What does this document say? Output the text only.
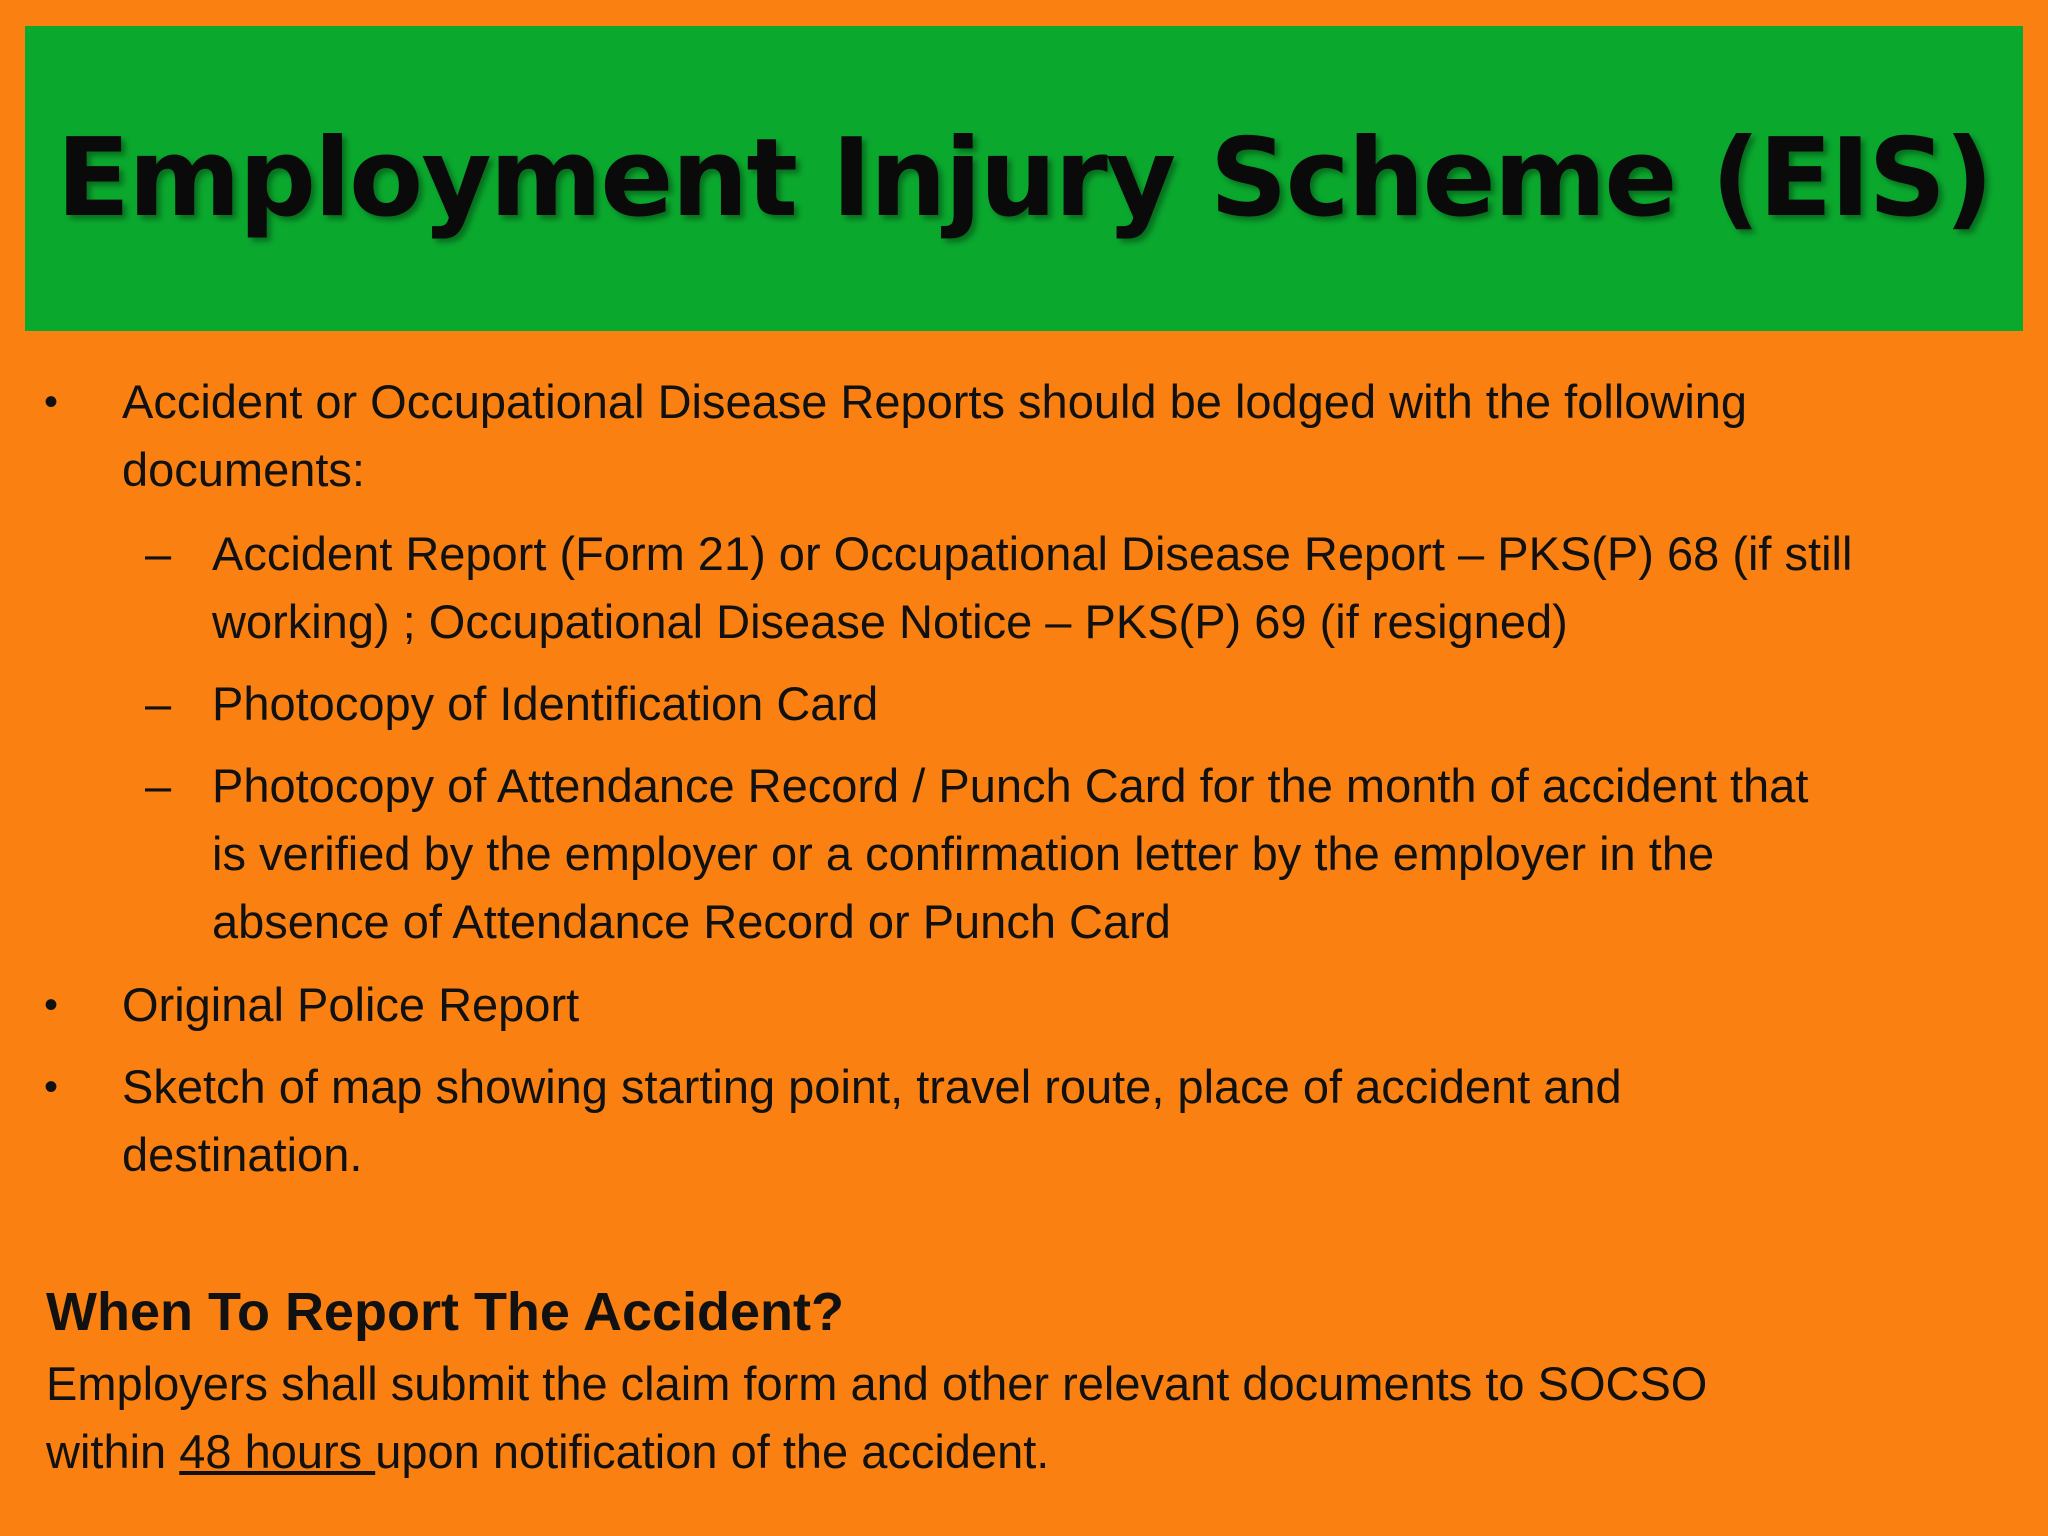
Employment Injury Scheme (EIS)
•	Accident or Occupational Disease Reports should be lodged with the following
documents:
– Accident Report (Form 21) or Occupational Disease Report – PKS(P) 68 (if still
working) ; Occupational Disease Notice – PKS(P) 69 (if resigned)
– Photocopy of Identification Card
– Photocopy of Attendance Record / Punch Card for the month of accident that
is verified by the employer or a confirmation letter by the employer in the
absence of Attendance Record or Punch Card
•	Original Police Report
•	Sketch of map showing starting point, travel route, place of accident and
destination.
When To Report The Accident?
Employers shall submit the claim form and other relevant documents to SOCSO
within 48 hours upon notification of the accident.
